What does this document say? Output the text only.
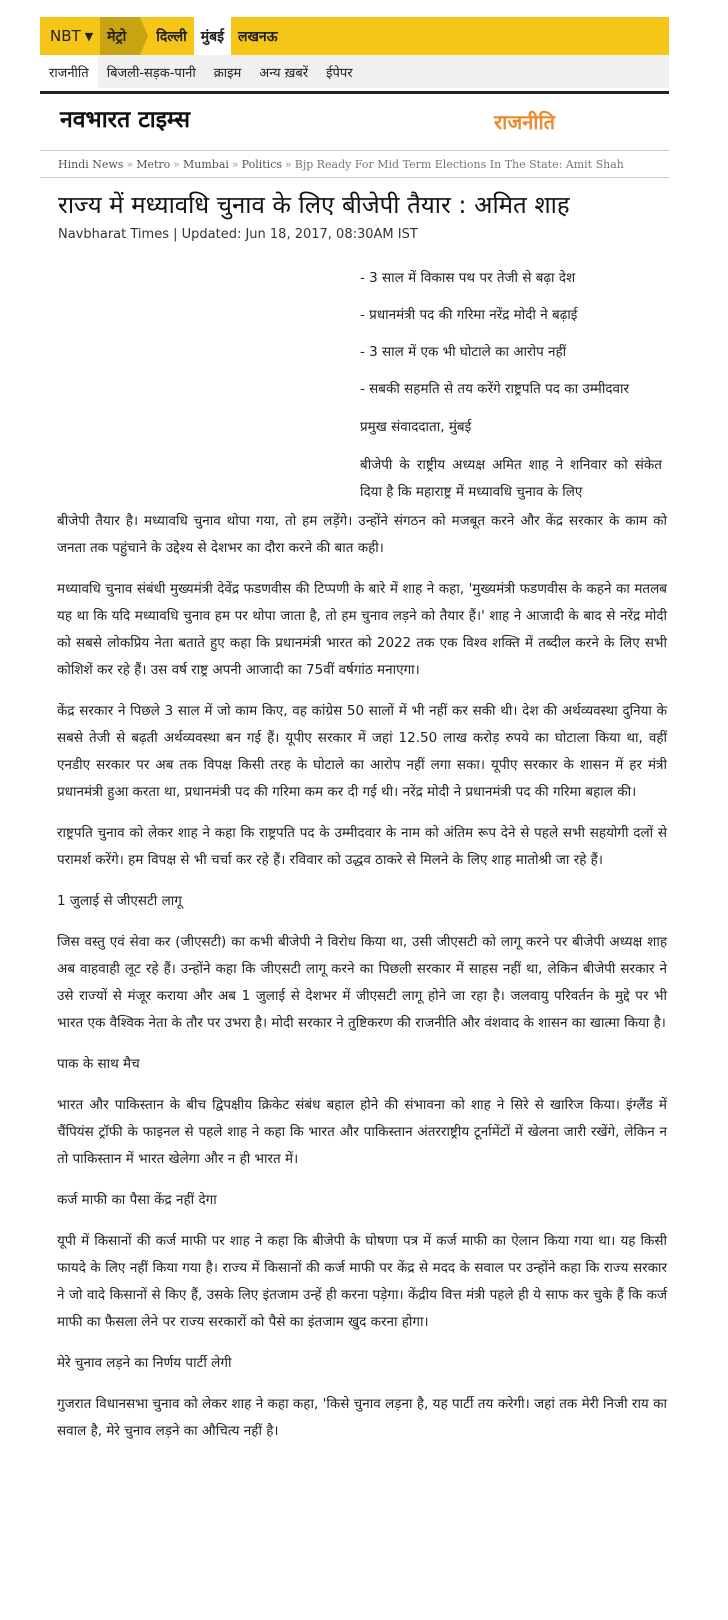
NBT ▼	मेट्रो	दिल्ली	मुंबई	लखनऊ
राजनीति	बिजली-सड़क-पानी	क्राइम	अन्य ख़बरें	ईपेपर
नवभारत टाइम्स	राजनीति
Hindi News » Metro » Mumbai » Politics » Bjp Ready For Mid Term Elections In The State: Amit Shah
राज्य में मध्यावधि चुनाव के लिए बीजेपी तैयार : अमित शाह
Navbharat Times | Updated: Jun 18, 2017, 08:30AM IST
- 3 साल में विकास पथ पर तेजी से बढ़ा देश
- प्रधानमंत्री पद की गरिमा नरेंद्र मोदी ने बढ़ाई
- 3 साल में एक भी घोटाले का आरोप नहीं
- सबकी सहमति से तय करेंगे राष्ट्रपति पद का उम्मीदवार
प्रमुख संवाददाता, मुंबई
बीजेपी के राष्ट्रीय अध्यक्ष अमित शाह ने शनिवार को संकेत दिया है कि महाराष्ट्र में मध्यावधि चुनाव के लिए

बीजेपी तैयार है। मध्यावधि चुनाव थोपा गया, तो हम लड़ेंगे। उन्होंने संगठन को मजबूत करने और केंद्र सरकार के काम को जनता तक पहुंचाने के उद्देश्य से देशभर का दौरा करने की बात कही।

मध्यावधि चुनाव संबंधी मुख्यमंत्री देवेंद्र फडणवीस की टिप्पणी के बारे में शाह ने कहा, 'मुख्यमंत्री फडणवीस के कहने का मतलब यह था कि यदि मध्यावधि चुनाव हम पर थोपा जाता है, तो हम चुनाव लड़ने को तैयार हैं।' शाह ने आजादी के बाद से नरेंद्र मोदी को सबसे लोकप्रिय नेता बताते हुए कहा कि प्रधानमंत्री भारत को 2022 तक एक विश्व शक्ति में तब्दील करने के लिए सभी कोशिशें कर रहे हैं। उस वर्ष राष्ट्र अपनी आजादी का 75वीं वर्षगांठ मनाएगा।

केंद्र सरकार ने पिछले 3 साल में जो काम किए, वह कांग्रेस 50 सालों में भी नहीं कर सकी थी। देश की अर्थव्यवस्था दुनिया के सबसे तेजी से बढ़ती अर्थव्यवस्था बन गई हैं। यूपीए सरकार में जहां 12.50 लाख करोड़ रुपये का घोटाला किया था, वहीं एनडीए सरकार पर अब तक विपक्ष किसी तरह के घोटाले का आरोप नहीं लगा सका। यूपीए सरकार के शासन में हर मंत्री प्रधानमंत्री हुआ करता था, प्रधानमंत्री पद की गरिमा कम कर दी गई थी। नरेंद्र मोदी ने प्रधानमंत्री पद की गरिमा बहाल की।

राष्ट्रपति चुनाव को लेकर शाह ने कहा कि राष्ट्रपति पद के उम्मीदवार के नाम को अंतिम रूप देने से पहले सभी सहयोगी दलों से परामर्श करेंगे। हम विपक्ष से भी चर्चा कर रहे हैं। रविवार को उद्धव ठाकरे से मिलने के लिए शाह मातोश्री जा रहे हैं।

1 जुलाई से जीएसटी लागू

जिस वस्तु एवं सेवा कर (जीएसटी) का कभी बीजेपी ने विरोध किया था, उसी जीएसटी को लागू करने पर बीजेपी अध्यक्ष शाह अब वाहवाही लूट रहे हैं। उन्होंने कहा कि जीएसटी लागू करने का पिछली सरकार में साहस नहीं था, लेकिन बीजेपी सरकार ने उसे राज्यों से मंजूर कराया और अब 1 जुलाई से देशभर में जीएसटी लागू होने जा रहा है। जलवायु परिवर्तन के मुद्दे पर भी भारत एक वैश्विक नेता के तौर पर उभरा है। मोदी सरकार ने तुष्टिकरण की राजनीति और वंशवाद के शासन का खात्मा किया है।

पाक के साथ मैच

भारत और पाकिस्तान के बीच द्विपक्षीय क्रिकेट संबंध बहाल होने की संभावना को शाह ने सिरे से खारिज किया। इंग्लैंड में चैंपियंस ट्रॉफी के फाइनल से पहले शाह ने कहा कि भारत और पाकिस्तान अंतरराष्ट्रीय टूर्नामेंटों में खेलना जारी रखेंगे, लेकिन न तो पाकिस्तान में भारत खेलेगा और न ही भारत में।

कर्ज माफी का पैसा केंद्र नहीं देगा

यूपी में किसानों की कर्ज माफी पर शाह ने कहा कि बीजेपी के घोषणा पत्र में कर्ज माफी का ऐलान किया गया था। यह किसी फायदे के लिए नहीं किया गया है। राज्य में किसानों की कर्ज माफी पर केंद्र से मदद के सवाल पर उन्होंने कहा कि राज्य सरकार ने जो वादे किसानों से किए हैं, उसके लिए इंतजाम उन्हें ही करना पड़ेगा। केंद्रीय वित्त मंत्री पहले ही ये साफ कर चुके हैं कि कर्ज माफी का फैसला लेने पर राज्य सरकारों को पैसे का इंतजाम खुद करना होगा।

मेरे चुनाव लड़ने का निर्णय पार्टी लेगी

गुजरात विधानसभा चुनाव को लेकर शाह ने कहा कहा, 'किसे चुनाव लड़ना है, यह पार्टी तय करेगी। जहां तक मेरी निजी राय का सवाल है, मेरे चुनाव लड़ने का औचित्य नहीं है।
